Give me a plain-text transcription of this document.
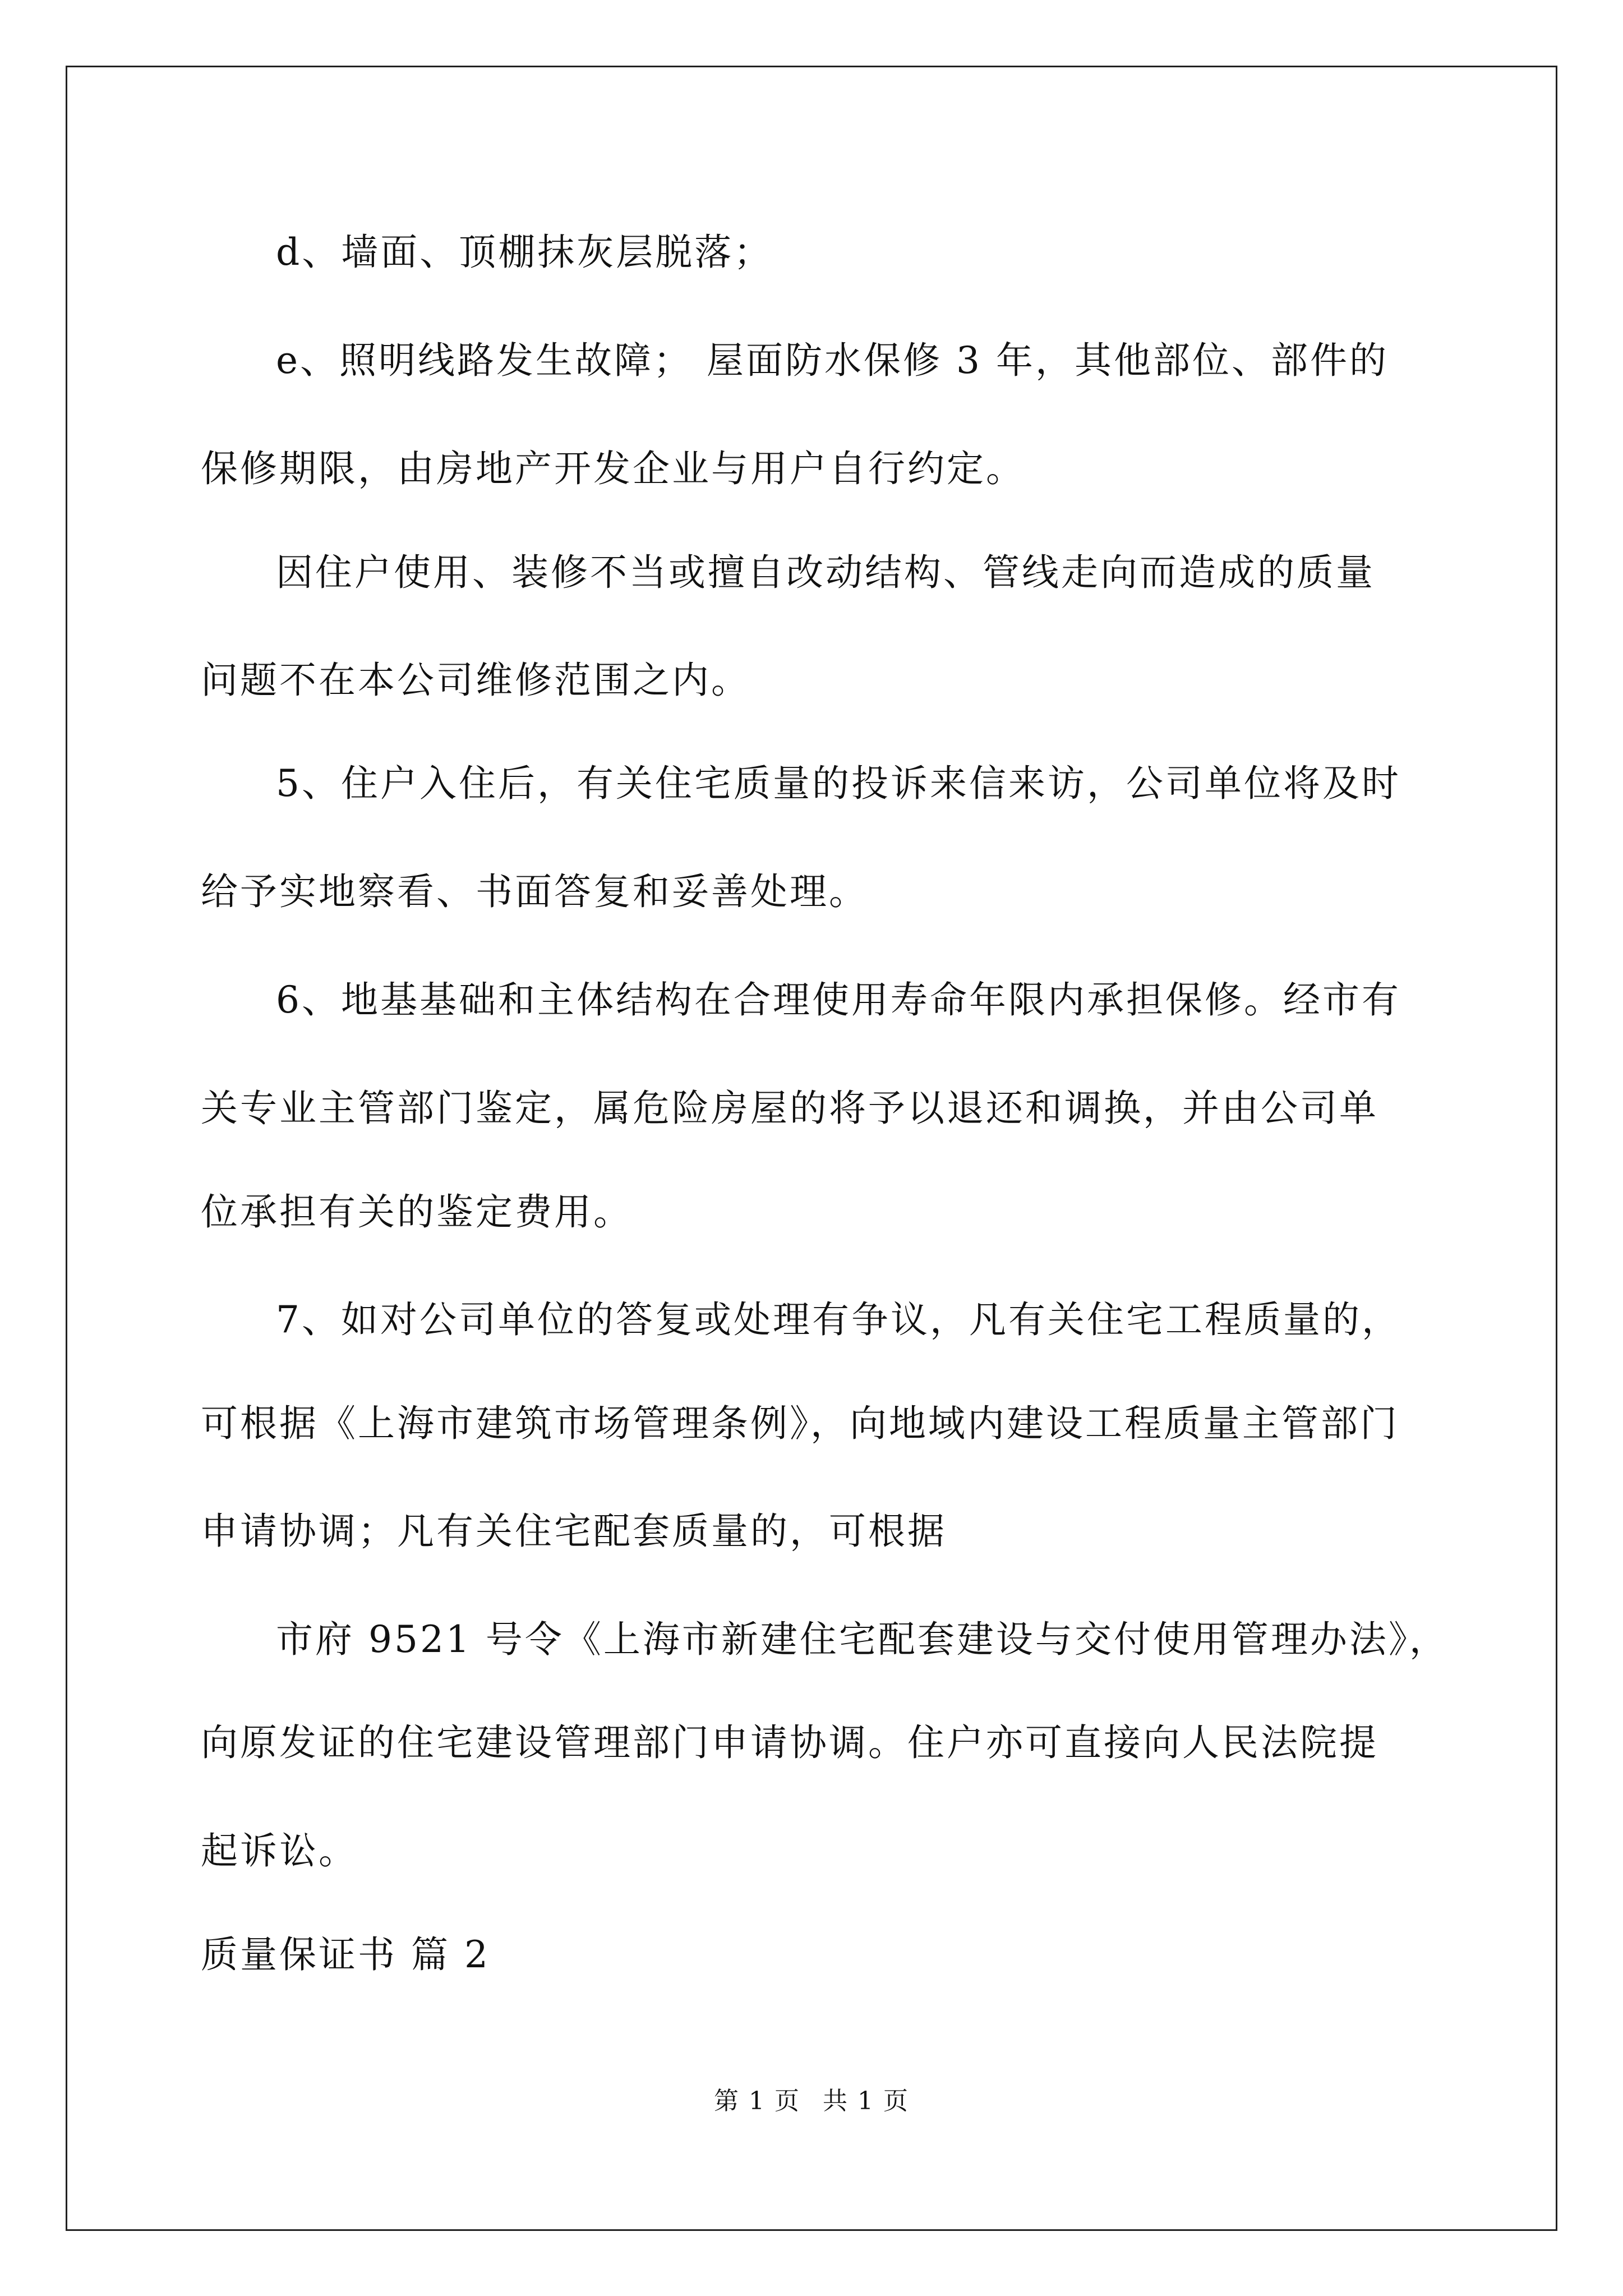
d、墙面、顶棚抹灰层脱落；
e、照明线路发生故障； 屋面防水保修 3 年，其他部位、部件的
保修期限，由房地产开发企业与用户自行约定。
因住户使用、装修不当或擅自改动结构、管线走向而造成的质量
问题不在本公司维修范围之内。
5、住户入住后，有关住宅质量的投诉来信来访，公司单位将及时
给予实地察看、书面答复和妥善处理。
6、地基基础和主体结构在合理使用寿命年限内承担保修。经市有
关专业主管部门鉴定，属危险房屋的将予以退还和调换，并由公司单
位承担有关的鉴定费用。
7、如对公司单位的答复或处理有争议，凡有关住宅工程质量的，
可根据《上海市建筑市场管理条例》，向地域内建设工程质量主管部门
申请协调；凡有关住宅配套质量的，可根据
市府 9521 号令《上海市新建住宅配套建设与交付使用管理办法》，
向原发证的住宅建设管理部门申请协调。住户亦可直接向人民法院提
起诉讼。
质量保证书 篇 2
第 1 页 共 1 页
